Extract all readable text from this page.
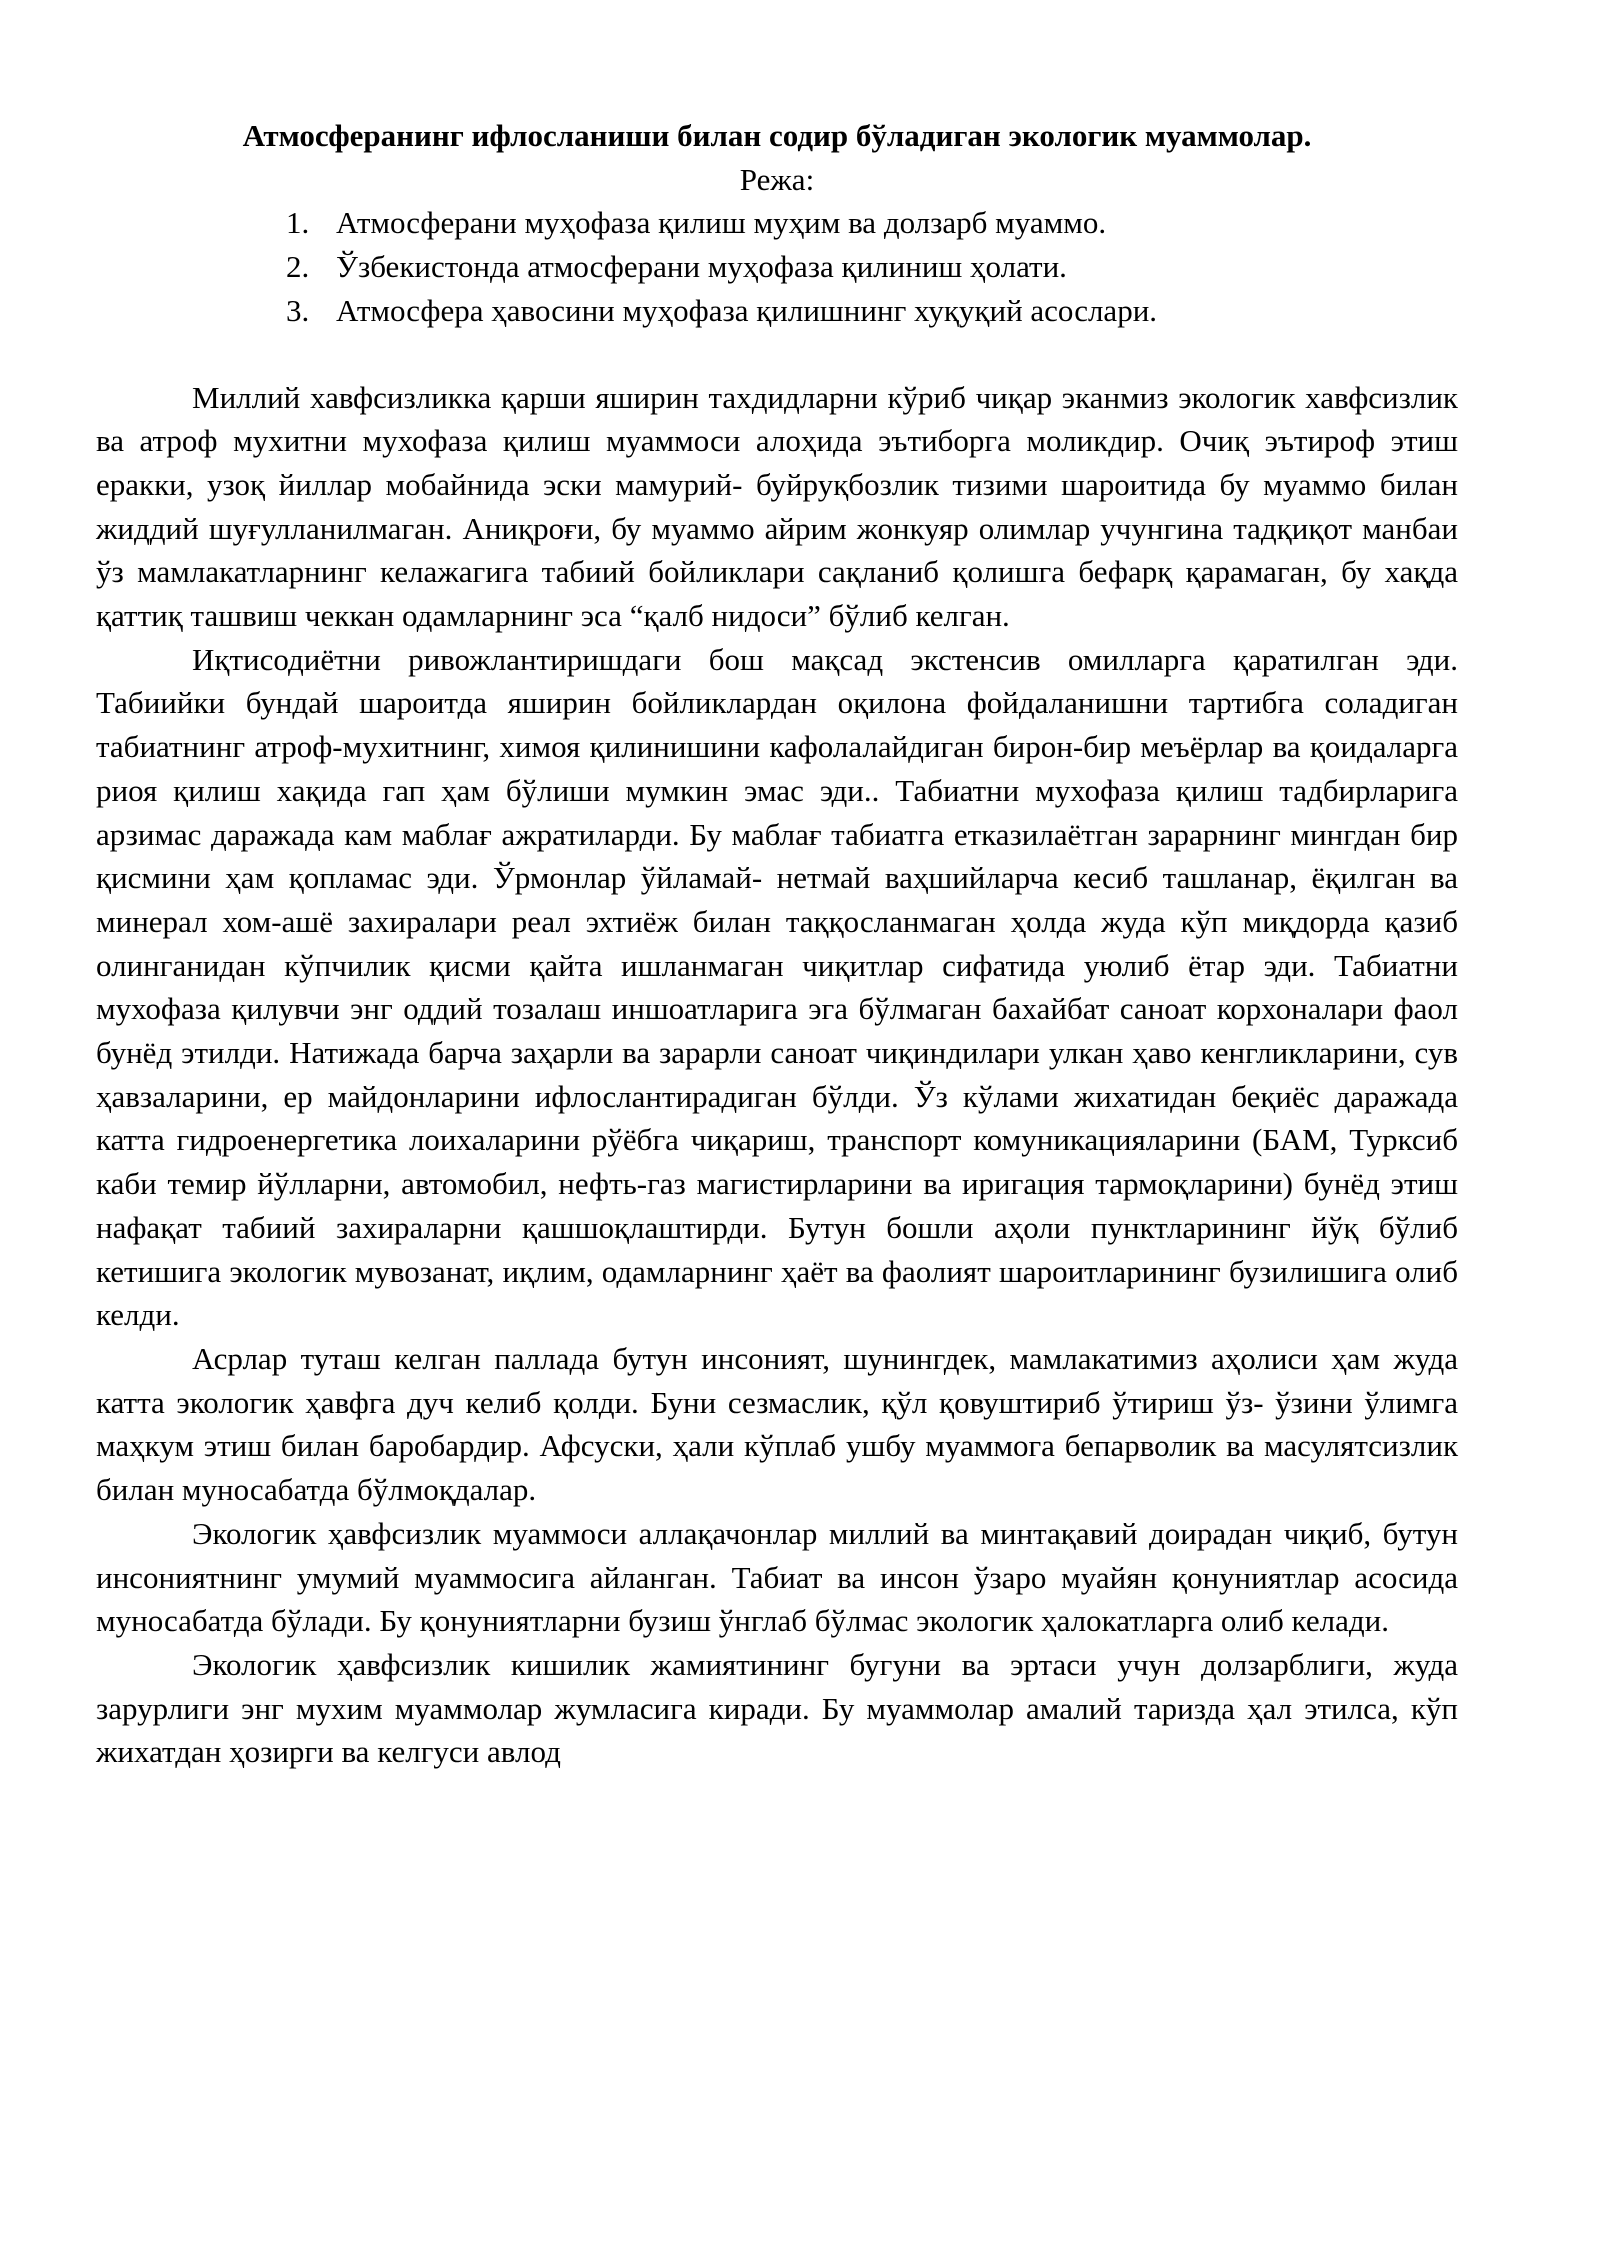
Атмосферанинг ифлосланиши билан содир бўладиган экологик муаммолар.
Режа:
1. Атмосферани муҳофаза қилиш муҳим ва долзарб муаммо.
2. Ўзбекистонда атмосферани муҳофаза қилиниш ҳолати.
3. Атмосфера ҳавосини муҳофаза қилишнинг хуқуқий асослари.

Миллий хавфсизликка қарши яширин тахдидларни кўриб чиқар эканмиз экологик хавфсизлик ва атроф мухитни мухофаза қилиш муаммоси алоҳида эътиборга моликдир. Очиқ эътироф этиш еракки, узоқ йиллар мобайнида эски мамурий- буйруқбозлик тизими шароитида бу муаммо билан жиддий шуғулланилмаган. Аниқроғи, бу муаммо айрим жонкуяр олимлар учунгина тадқиқот манбаи ўз мамлакатларнинг келажагига табиий бойликлари сақланиб қолишга бефарқ қарамаган, бу хақда қаттиқ ташвиш чеккан одамларнинг эса “қалб нидоси” бўлиб келган.

Иқтисодиётни ривожлантиришдаги бош мақсад экстенсив омилларга қаратилган эди. Табиийки бундай шароитда яширин бойликлардан оқилона фойдаланишни тартибга соладиган табиатнинг атроф-мухитнинг, химоя қилинишини кафолалайдиган бирон-бир меъёрлар ва қоидаларга риоя қилиш хақида гап ҳам бўлиши мумкин эмас эди.. Табиатни мухофаза қилиш тадбирларига арзимас даражада кам маблағ ажратиларди. Бу маблағ табиатга етказилаётган зарарнинг мингдан бир қисмини ҳам қопламас эди. Ўрмонлар ўйламай- нетмай ваҳшийларча кесиб ташланар, ёқилган ва минерал хом-ашё захиралари реал эхтиёж билан таққосланмаган ҳолда жуда кўп миқдорда қазиб олинганидан кўпчилик қисми қайта ишланмаган чиқитлар сифатида уюлиб ётар эди. Табиатни мухофаза қилувчи энг оддий тозалаш иншоатларига эга бўлмаган бахайбат саноат корхоналари фаол бунёд этилди. Натижада барча заҳарли ва зарарли саноат чиқиндилари улкан ҳаво кенгликларини, сув ҳавзаларини, ер майдонларини ифлослантирадиган бўлди. Ўз кўлами жихатидан беқиёс даражада катта гидроенергетика лоихаларини рўёбга чиқариш, транспорт комуникацияларини (БАМ, Турксиб каби темир йўлларни, автомобил, нефть-газ магистирларини ва иригация тармоқларини) бунёд этиш нафақат табиий захираларни қашшоқлаштирди. Бутун бошли аҳоли пунктларининг йўқ бўлиб кетишига экологик мувозанат, иқлим, одамларнинг ҳаёт ва фаолият шароитларининг бузилишига олиб келди.

Асрлар туташ келган паллада бутун инсоният, шунингдек, мамлакатимиз аҳолиси ҳам жуда катта экологик ҳавфга дуч келиб қолди. Буни сезмаслик, қўл қовуштириб ўтириш ўз- ўзини ўлимга маҳкум этиш билан баробардир. Афсуски, ҳали кўплаб ушбу муаммога бепарволик ва масулятсизлик билан муносабатда бўлмоқдалар.

Экологик ҳавфсизлик муаммоси аллақачонлар миллий ва минтақавий доирадан чиқиб, бутун инсониятнинг умумий муаммосига айланган. Табиат ва инсон ўзаро муайян қонуниятлар асосида муносабатда бўлади. Бу қонуниятларни бузиш ўнглаб бўлмас экологик ҳалокатларга олиб келади.

Экологик ҳавфсизлик кишилик жамиятининг бугуни ва эртаси учун долзарблиги, жуда зарурлиги энг мухим муаммолар жумласига киради. Бу муаммолар амалий таризда ҳал этилса, кўп жихатдан ҳозирги ва келгуси авлод
